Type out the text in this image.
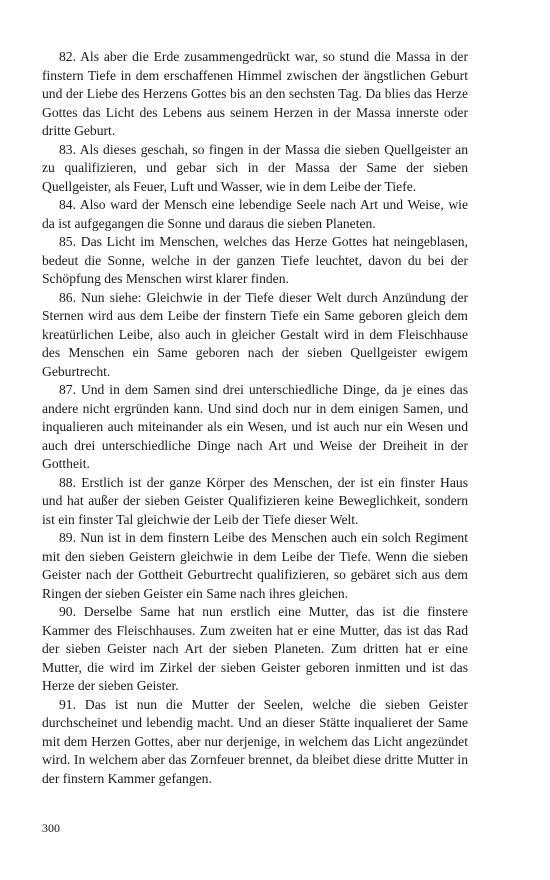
82. Als aber die Erde zusammengedrückt war, so stund die Massa in der finstern Tiefe in dem erschaffenen Himmel zwischen der ängstlichen Geburt und der Liebe des Herzens Gottes bis an den sechsten Tag. Da blies das Herze Gottes das Licht des Lebens aus seinem Herzen in der Massa innerste oder dritte Geburt.

83. Als dieses geschah, so fingen in der Massa die sieben Quellgeister an zu qualifizieren, und gebar sich in der Massa der Same der sieben Quellgeister, als Feuer, Luft und Wasser, wie in dem Leibe der Tiefe.

84. Also ward der Mensch eine lebendige Seele nach Art und Weise, wie da ist aufgegangen die Sonne und daraus die sieben Planeten.

85. Das Licht im Menschen, welches das Herze Gottes hat neingeblasen, bedeut die Sonne, welche in der ganzen Tiefe leuchtet, davon du bei der Schöpfung des Menschen wirst klarer finden.

86. Nun siehe: Gleichwie in der Tiefe dieser Welt durch Anzündung der Sternen wird aus dem Leibe der finstern Tiefe ein Same geboren gleich dem kreatürlichen Leibe, also auch in gleicher Gestalt wird in dem Fleischhause des Menschen ein Same geboren nach der sieben Quellgeister ewigem Geburtrecht.

87. Und in dem Samen sind drei unterschiedliche Dinge, da je eines das andere nicht ergründen kann. Und sind doch nur in dem einigen Samen, und inqualieren auch miteinander als ein Wesen, und ist auch nur ein Wesen und auch drei unterschiedliche Dinge nach Art und Weise der Dreiheit in der Gottheit.

88. Erstlich ist der ganze Körper des Menschen, der ist ein finster Haus und hat außer der sieben Geister Qualifizieren keine Beweglichkeit, sondern ist ein finster Tal gleichwie der Leib der Tiefe dieser Welt.

89. Nun ist in dem finstern Leibe des Menschen auch ein solch Regiment mit den sieben Geistern gleichwie in dem Leibe der Tiefe. Wenn die sieben Geister nach der Gottheit Geburtrecht qualifizieren, so gebäret sich aus dem Ringen der sieben Geister ein Same nach ihres gleichen.

90. Derselbe Same hat nun erstlich eine Mutter, das ist die finstere Kammer des Fleischhauses. Zum zweiten hat er eine Mutter, das ist das Rad der sieben Geister nach Art der sieben Planeten. Zum dritten hat er eine Mutter, die wird im Zirkel der sieben Geister geboren inmitten und ist das Herze der sieben Geister.

91. Das ist nun die Mutter der Seelen, welche die sieben Geister durchscheinet und lebendig macht. Und an dieser Stätte inqualieret der Same mit dem Herzen Gottes, aber nur derjenige, in welchem das Licht angezündet wird. In welchem aber das Zornfeuer brennet, da bleibet diese dritte Mutter in der finstern Kammer gefangen.

300
